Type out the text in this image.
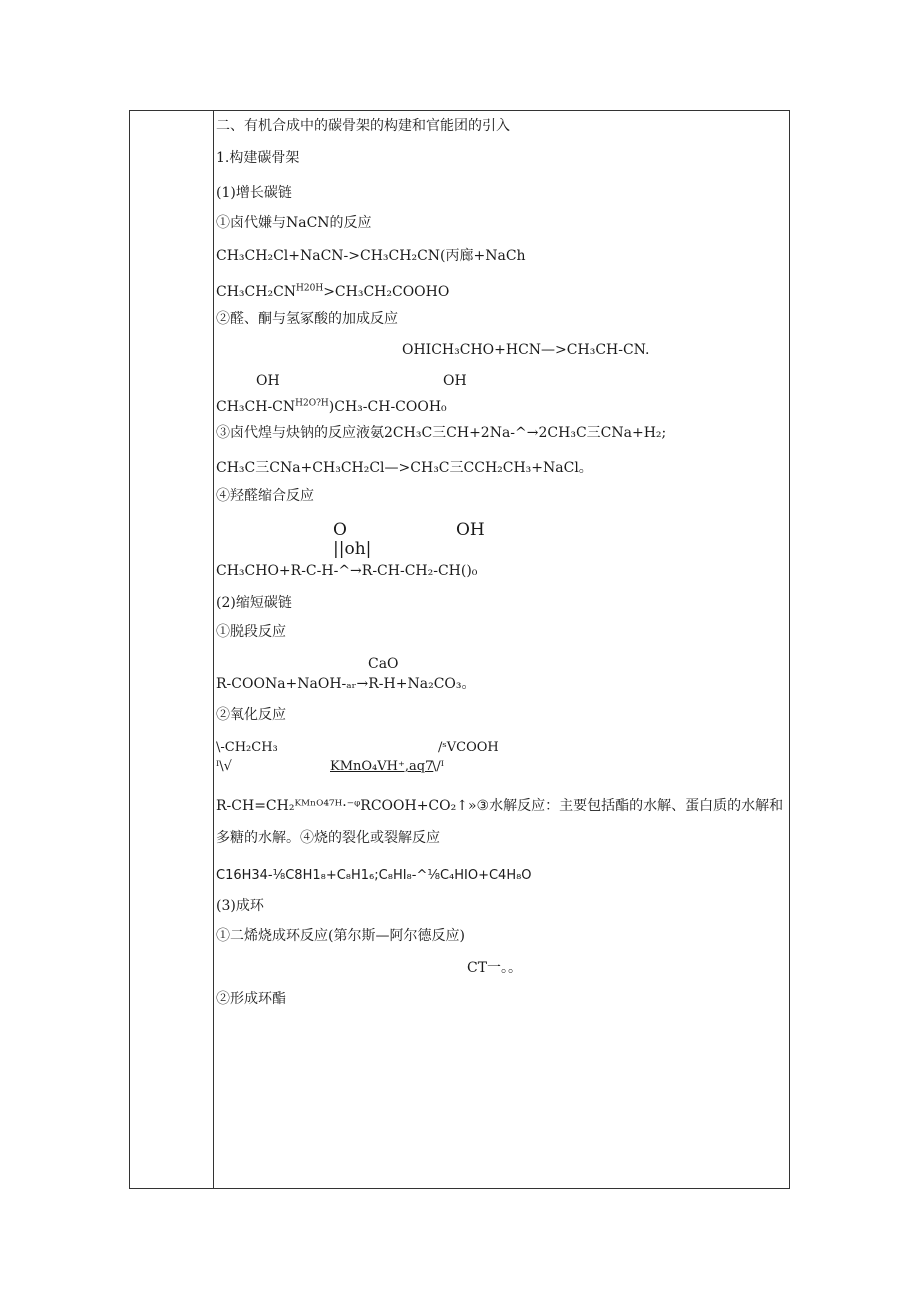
二、有机合成中的碳骨架的构建和官能团的引入
1.构建碳骨架
(1)增长碳链
①卤代嫌与NaCN的反应
CH₃CH₂Cl+NaCN->CH₃CH₂CN(丙廊+NaCh
$CH_3CH_2CN^{H20H}>CH_3CH_2COOHO$
②醛、酮与氢冢酸的加成反应
OHICH₃CHO+HCN—>CH₃CH-CN.
OH	OH
CH₃CH-$CN^{H2O?H})CH_3-CH$-COOH₀
③卤代煌与炔钠的反应液氨2CH₃C三CH+2Na-^→2CH₃C三CNa+H₂;
CH₃C三CNa+CH₃CH₂Cl—>CH₃C三CCH₂CH₃+NaCl。
④羟醛缩合反应
O	OH
||oh|
CH₃CHO+R-C-H-^→R-CH-CH₂-CH()₀
(2)缩短碳链
①脱段反应
CaO
R-COONa+NaOH-ₐᵣ→R-H+Na₂CO₃。
②氧化反应
\-CH₂CH₃	/ˢVCOOH
ᴵ\√	KMnO₄VH⁺,aq7
\/ᴵ
R-CH=CH₂ᴷᴹⁿᴼ⁴⁷ᴴ·⁻ᵠRCOOH+CO₂↑»③水解反应：主要包括酯的水解、蛋白质的水解和
多糖的水解。④烧的裂化或裂解反应
C16H34-⅛C8H1₈+C₈H1₆;C₈HI₈-^⅛C₄HIO+C4H₈O
(3)成环
①二烯烧成环反应(第尔斯—阿尔德反应)
CT一。。
②形成环酯
